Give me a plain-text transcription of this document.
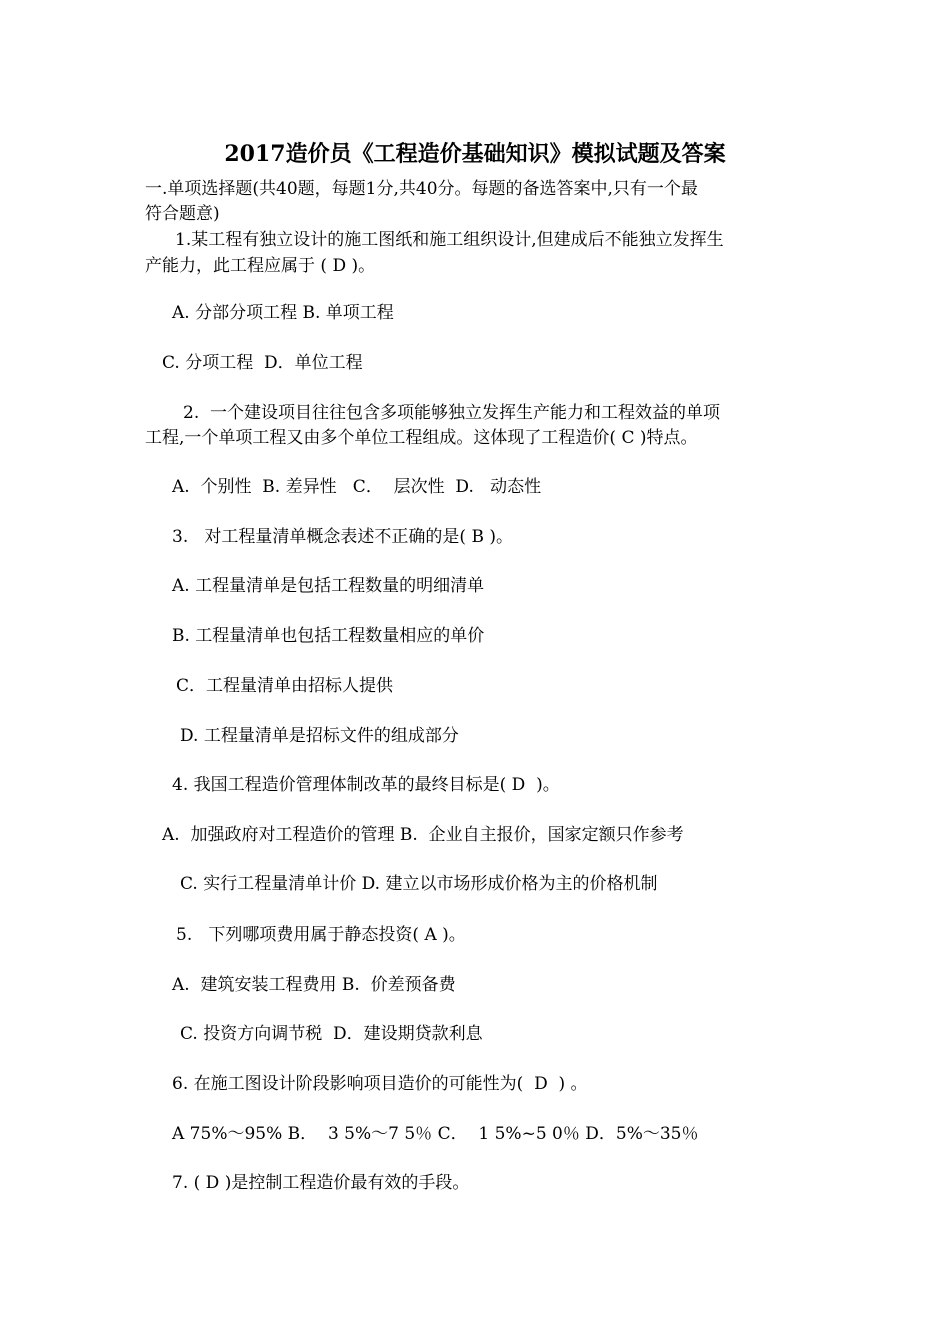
2017造价员《工程造价基础知识》模拟试题及答案
一.单项选择题(共40题，每题1分,共40分。每题的备选答案中,只有一个最
符合题意)
1.某工程有独立设计的施工图纸和施工组织设计,但建成后不能独立发挥生
产能力，此工程应属于 ( D )。
A. 分部分项工程 B. 单项工程
C. 分项工程  D．单位工程
2.  一个建设项目往往包含多项能够独立发挥生产能力和工程效益的单项
工程,一个单项工程又由多个单位工程组成。这体现了工程造价( C )特点。
A.  个别性  B. 差异性   C．  层次性  D.   动态性
3.   对工程量清单概念表述不正确的是( B )。
A. 工程量清单是包括工程数量的明细清单
B. 工程量清单也包括工程数量相应的单价
C．工程量清单由招标人提供
D. 工程量清单是招标文件的组成部分
4. 我国工程造价管理体制改革的最终目标是( D  )。
A.  加强政府对工程造价的管理 B.  企业自主报价，国家定额只作参考
C. 实行工程量清单计价 D. 建立以市场形成价格为主的价格机制
5.   下列哪项费用属于静态投资( A )。
A.  建筑安装工程费用 B.  价差预备费
C. 投资方向调节税  D．建设期贷款利息
6. 在施工图设计阶段影响项目造价的可能性为(  D  ) 。
A 75%～95% B．  3 5%～7 5％ C．  1 5%~5 0％ D．5%～35％
7. ( D )是控制工程造价最有效的手段。
